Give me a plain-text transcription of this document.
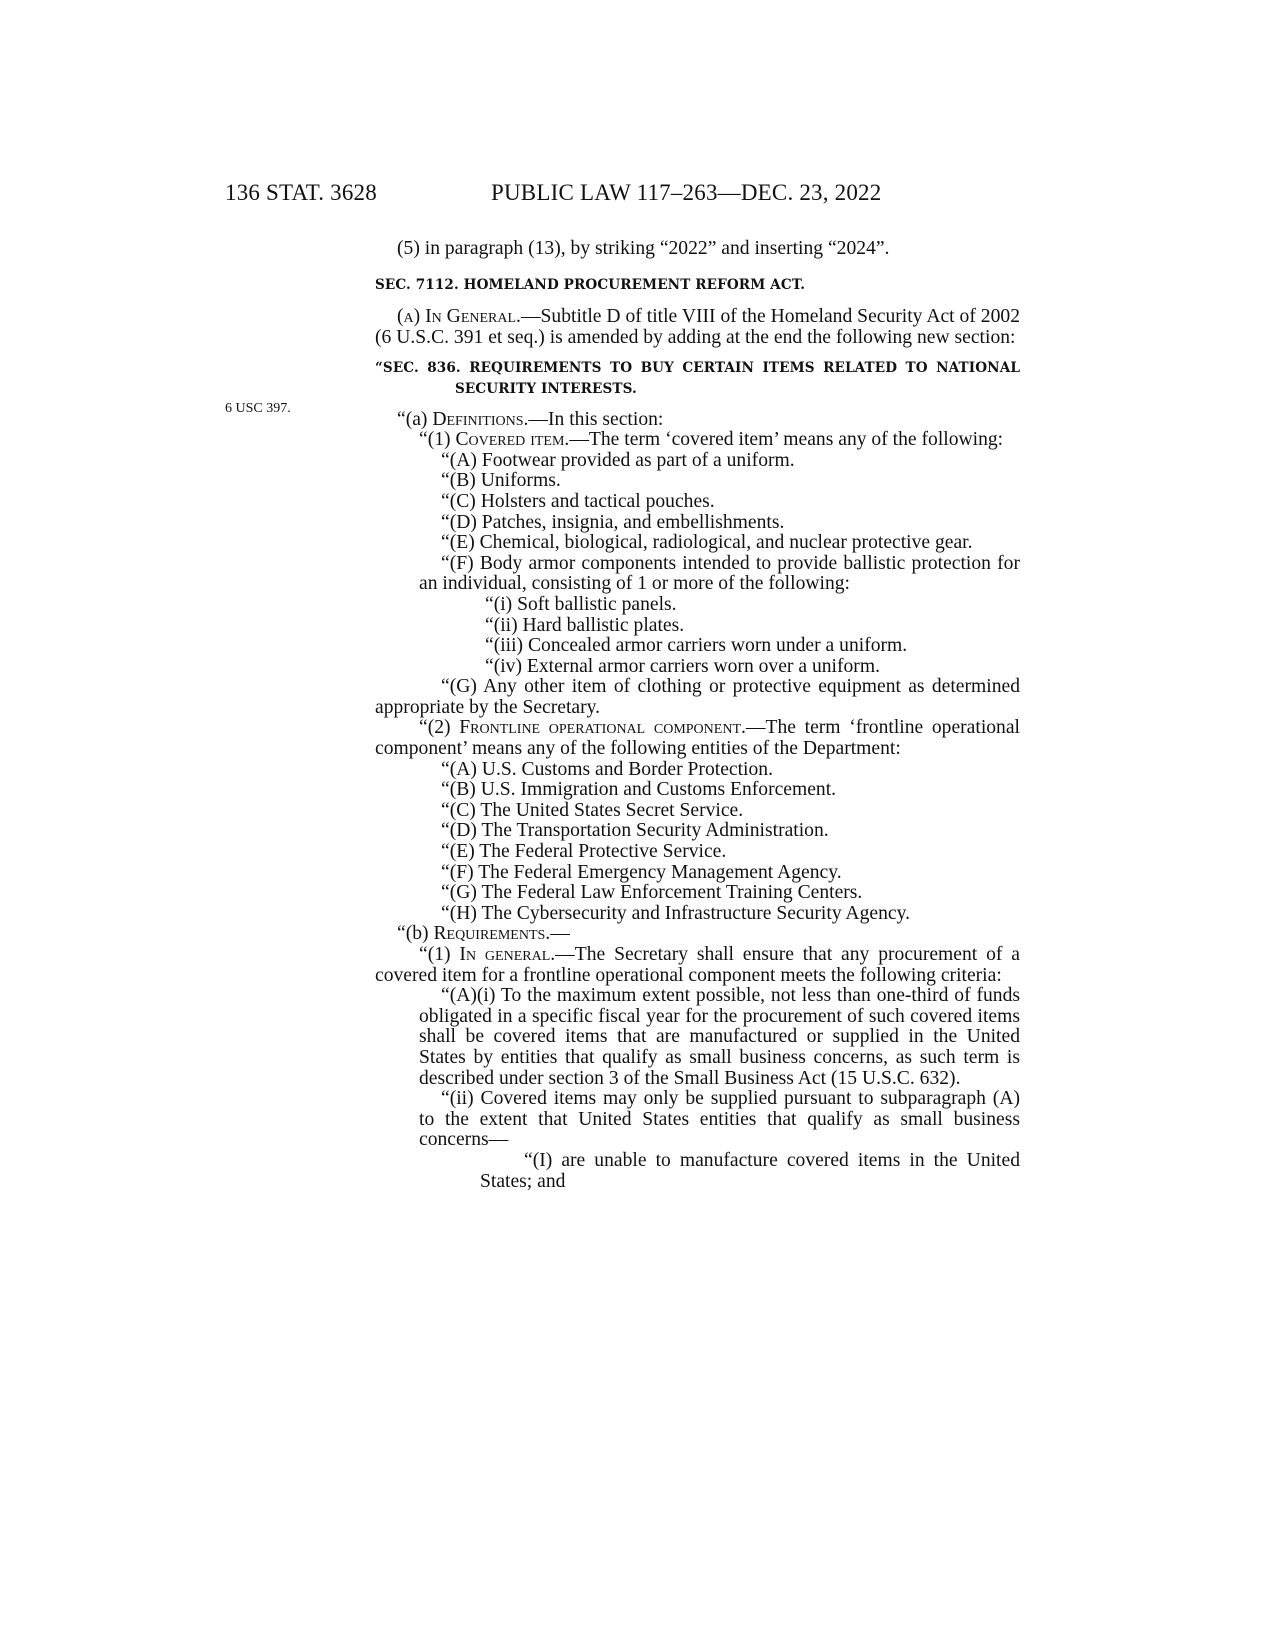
136 STAT. 3628	PUBLIC LAW 117–263—DEC. 23, 2022
6 USC 397.

(5) in paragraph (13), by striking “2022” and inserting “2024”.

SEC. 7112. HOMELAND PROCUREMENT REFORM ACT.

(a) In General.—Subtitle D of title VIII of the Homeland Security Act of 2002 (6 U.S.C. 391 et seq.) is amended by adding at the end the following new section:

“SEC. 836. REQUIREMENTS TO BUY CERTAIN ITEMS RELATED TO NATIONAL SECURITY INTERESTS.

“(a) Definitions.—In this section:

“(1) Covered item.—The term ‘covered item’ means any of the following:

“(A) Footwear provided as part of a uniform.

“(B) Uniforms.

“(C) Holsters and tactical pouches.

“(D) Patches, insignia, and embellishments.

“(E) Chemical, biological, radiological, and nuclear protective gear.

“(F) Body armor components intended to provide ballistic protection for an individual, consisting of 1 or more of the following:

“(i) Soft ballistic panels.

“(ii) Hard ballistic plates.

“(iii) Concealed armor carriers worn under a uniform.

“(iv) External armor carriers worn over a uniform.

“(G) Any other item of clothing or protective equipment as determined appropriate by the Secretary.

“(2) Frontline operational component.—The term ‘frontline operational component’ means any of the following entities of the Department:

“(A) U.S. Customs and Border Protection.

“(B) U.S. Immigration and Customs Enforcement.

“(C) The United States Secret Service.

“(D) The Transportation Security Administration.

“(E) The Federal Protective Service.

“(F) The Federal Emergency Management Agency.

“(G) The Federal Law Enforcement Training Centers.

“(H) The Cybersecurity and Infrastructure Security Agency.

“(b) Requirements.—

“(1) In general.—The Secretary shall ensure that any procurement of a covered item for a frontline operational component meets the following criteria:

“(A)(i) To the maximum extent possible, not less than one-third of funds obligated in a specific fiscal year for the procurement of such covered items shall be covered items that are manufactured or supplied in the United States by entities that qualify as small business concerns, as such term is described under section 3 of the Small Business Act (15 U.S.C. 632).

“(ii) Covered items may only be supplied pursuant to subparagraph (A) to the extent that United States entities that qualify as small business concerns—

“(I) are unable to manufacture covered items in the United States; and
